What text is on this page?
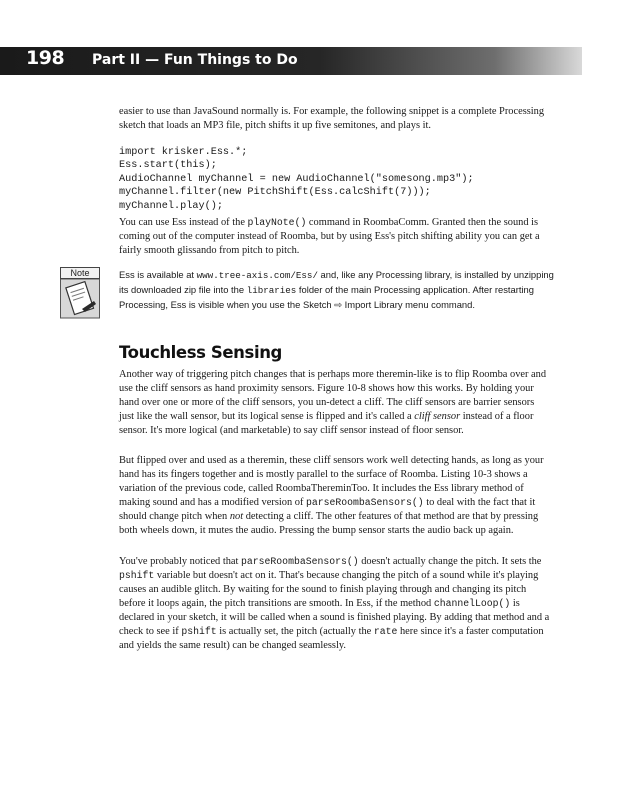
198 Part II — Fun Things to Do

easier to use than JavaSound normally is. For example, the following snippet is a complete Processing sketch that loads an MP3 file, pitch shifts it up five semitones, and plays it.

import krisker.Ess.*;
Ess.start(this);
AudioChannel myChannel = new AudioChannel("somesong.mp3");
myChannel.filter(new PitchShift(Ess.calcShift(7)));
myChannel.play();

You can use Ess instead of the playNote() command in RoombaComm. Granted then the sound is coming out of the computer instead of Roomba, but by using Ess's pitch shifting ability you can get a fairly smooth glissando from pitch to pitch.

Note	Ess is available at www.tree-axis.com/Ess/ and, like any Processing library, is installed by unzipping its downloaded zip file into the libraries folder of the main Processing application. After restarting Processing, Ess is visible when you use the Sketch ⇨ Import Library menu command.

Touchless Sensing

Another way of triggering pitch changes that is perhaps more theremin-like is to flip Roomba over and use the cliff sensors as hand proximity sensors. Figure 10-8 shows how this works. By holding your hand over one or more of the cliff sensors, you un-detect a cliff. The cliff sensors are barrier sensors just like the wall sensor, but its logical sense is flipped and it's called a cliff sensor instead of a floor sensor. It's more logical (and marketable) to say cliff sensor instead of floor sensor.

But flipped over and used as a theremin, these cliff sensors work well detecting hands, as long as your hand has its fingers together and is mostly parallel to the surface of Roomba. Listing 10-3 shows a variation of the previous code, called RoombaThereminToo. It includes the Ess library method of making sound and has a modified version of parseRoombaSensors() to deal with the fact that it should change pitch when not detecting a cliff. The other features of that method are that by pressing both wheels down, it mutes the audio. Pressing the bump sensor starts the audio back up again.

You've probably noticed that parseRoombaSensors() doesn't actually change the pitch. It sets the pshift variable but doesn't act on it. That's because changing the pitch of a sound while it's playing causes an audible glitch. By waiting for the sound to finish playing through and changing its pitch before it loops again, the pitch transitions are smooth. In Ess, if the method channelLoop() is declared in your sketch, it will be called when a sound is finished playing. By adding that method and a check to see if pshift is actually set, the pitch (actually the rate here since it's a faster computation and yields the same result) can be changed seamlessly.
